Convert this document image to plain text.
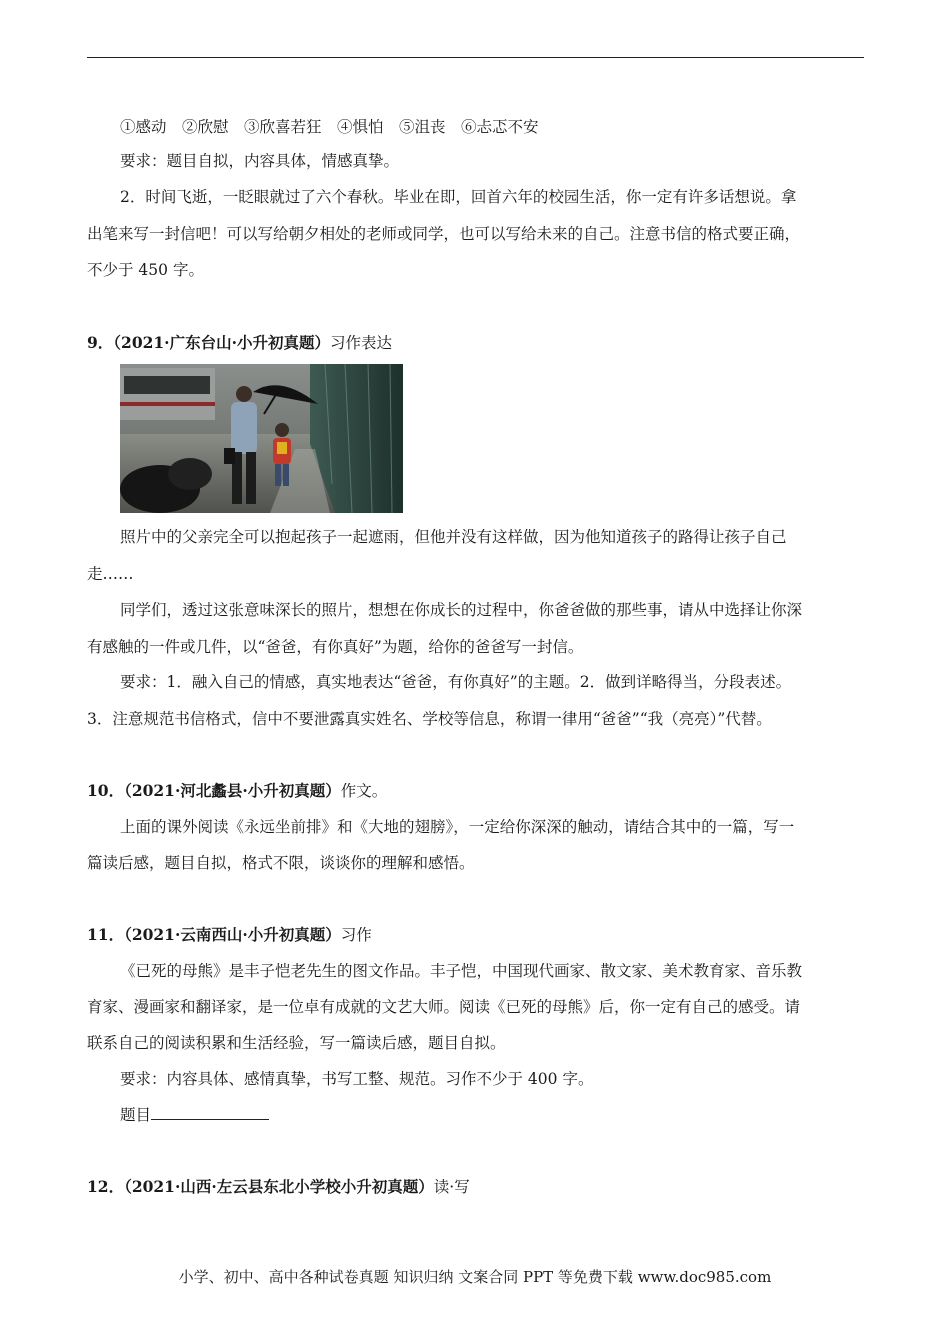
①感动　②欣慰　③欣喜若狂　④惧怕　⑤沮丧　⑥忐忑不安
要求：题目自拟，内容具体，情感真挚。
2．时间飞逝，一眨眼就过了六个春秋。毕业在即，回首六年的校园生活，你一定有许多话想说。拿
出笔来写一封信吧！可以写给朝夕相处的老师或同学，也可以写给未来的自己。注意书信的格式要正确，
不少于 450 字。
9．（2021·广东台山·小升初真题）习作表达
照片中的父亲完全可以抱起孩子一起遮雨，但他并没有这样做，因为他知道孩子的路得让孩子自己
走……
同学们，透过这张意味深长的照片，想想在你成长的过程中，你爸爸做的那些事，请从中选择让你深
有感触的一件或几件，以“爸爸，有你真好”为题，给你的爸爸写一封信。
要求：1．融入自己的情感，真实地表达“爸爸，有你真好”的主题。2．做到详略得当，分段表述。
3．注意规范书信格式，信中不要泄露真实姓名、学校等信息，称谓一律用“爸爸”“我（亮亮）”代替。
10．（2021·河北蠡县·小升初真题）作文。
上面的课外阅读《永远坐前排》和《大地的翅膀》，一定给你深深的触动，请结合其中的一篇，写一
篇读后感，题目自拟，格式不限，谈谈你的理解和感悟。
11．（2021·云南西山·小升初真题）习作
《已死的母熊》是丰子恺老先生的图文作品。丰子恺，中国现代画家、散文家、美术教育家、音乐教
育家、漫画家和翻译家，是一位卓有成就的文艺大师。阅读《已死的母熊》后，你一定有自己的感受。请
联系自己的阅读积累和生活经验，写一篇读后感，题目自拟。
要求：内容具体、感情真挚，书写工整、规范。习作不少于 400 字。
题目
12．（2021·山西·左云县东北小学校小升初真题）读·写
小学、初中、高中各种试卷真题 知识归纳 文案合同 PPT 等免费下载 www.doc985.com
